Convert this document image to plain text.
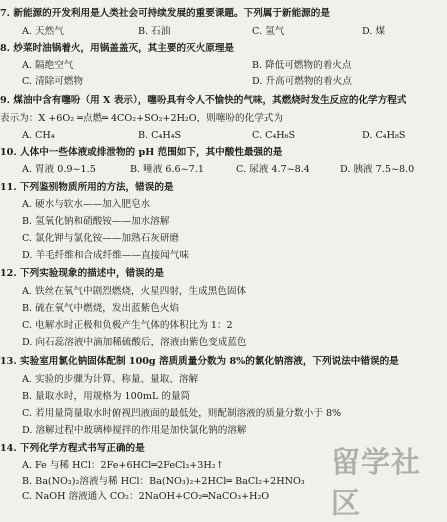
7. 新能源的开发利用是人类社会可持续发展的重要课题。下列属于新能源的是
A. 天然气	B. 石油	C. 氢气	D. 煤
8. 炒菜时油锅着火，用锅盖盖灭，其主要的灭火原理是
A. 隔绝空气	B. 降低可燃物的着火点
C. 清除可燃物	D. 升高可燃物的着火点
9. 煤油中含有噻吩（用 X 表示），噻吩具有令人不愉快的气味，其燃烧时发生反应的化学方程式
表示为：X +6O₂ ═点燃═ 4CO₂+SO₂+2H₂O，则噻吩的化学式为
A. CH₄	B. C₄H₄S	C. C₄H₆S	D. C₄H₈S
10. 人体中一些体液或排泄物的 pH 范围如下，其中酸性最强的是
A. 胃液 0.9~1.5	B. 唾液 6.6~7.1	C. 尿液 4.7~8.4	D. 胰液 7.5~8.0
11. 下列鉴别物质所用的方法，错误的是
A. 硬水与软水——加入肥皂水
B. 氢氧化钠和硝酸铵——加水溶解
C. 氯化钾与氯化铵——加熟石灰研磨
D. 羊毛纤维和合成纤维——直接闻气味
12. 下列实验现象的描述中，错误的是
A. 铁丝在氧气中剧烈燃烧，火星四射，生成黑色固体
B. 硫在氧气中燃烧，发出蓝紫色火焰
C. 电解水时正极和负极产生气体的体积比为 1：2
D. 向石蕊溶液中滴加稀硫酸后，溶液由紫色变成蓝色
13. 实验室用氯化钠固体配制 100g 溶质质量分数为 8%的氯化钠溶液，下列说法中错误的是
A. 实验的步骤为计算、称量、量取、溶解
B. 量取水时，用规格为 100mL 的量筒
C. 若用量筒量取水时俯视凹液面的最低处，则配制溶液的质量分数小于 8%
D. 溶解过程中玻璃棒搅拌的作用是加快氯化钠的溶解
14. 下列化学方程式书写正确的是
A. Fe 与稀 HCl：2Fe+6HCl═2FeCl₃+3H₂↑
B. Ba(NO₃)₂溶液与稀 HCl：Ba(NO₃)₂+2HCl═ BaCl₂+2HNO₃
C. NaOH 溶液通入 CO₂：2NaOH+CO₂═NaCO₃+H₂O
留学社区
